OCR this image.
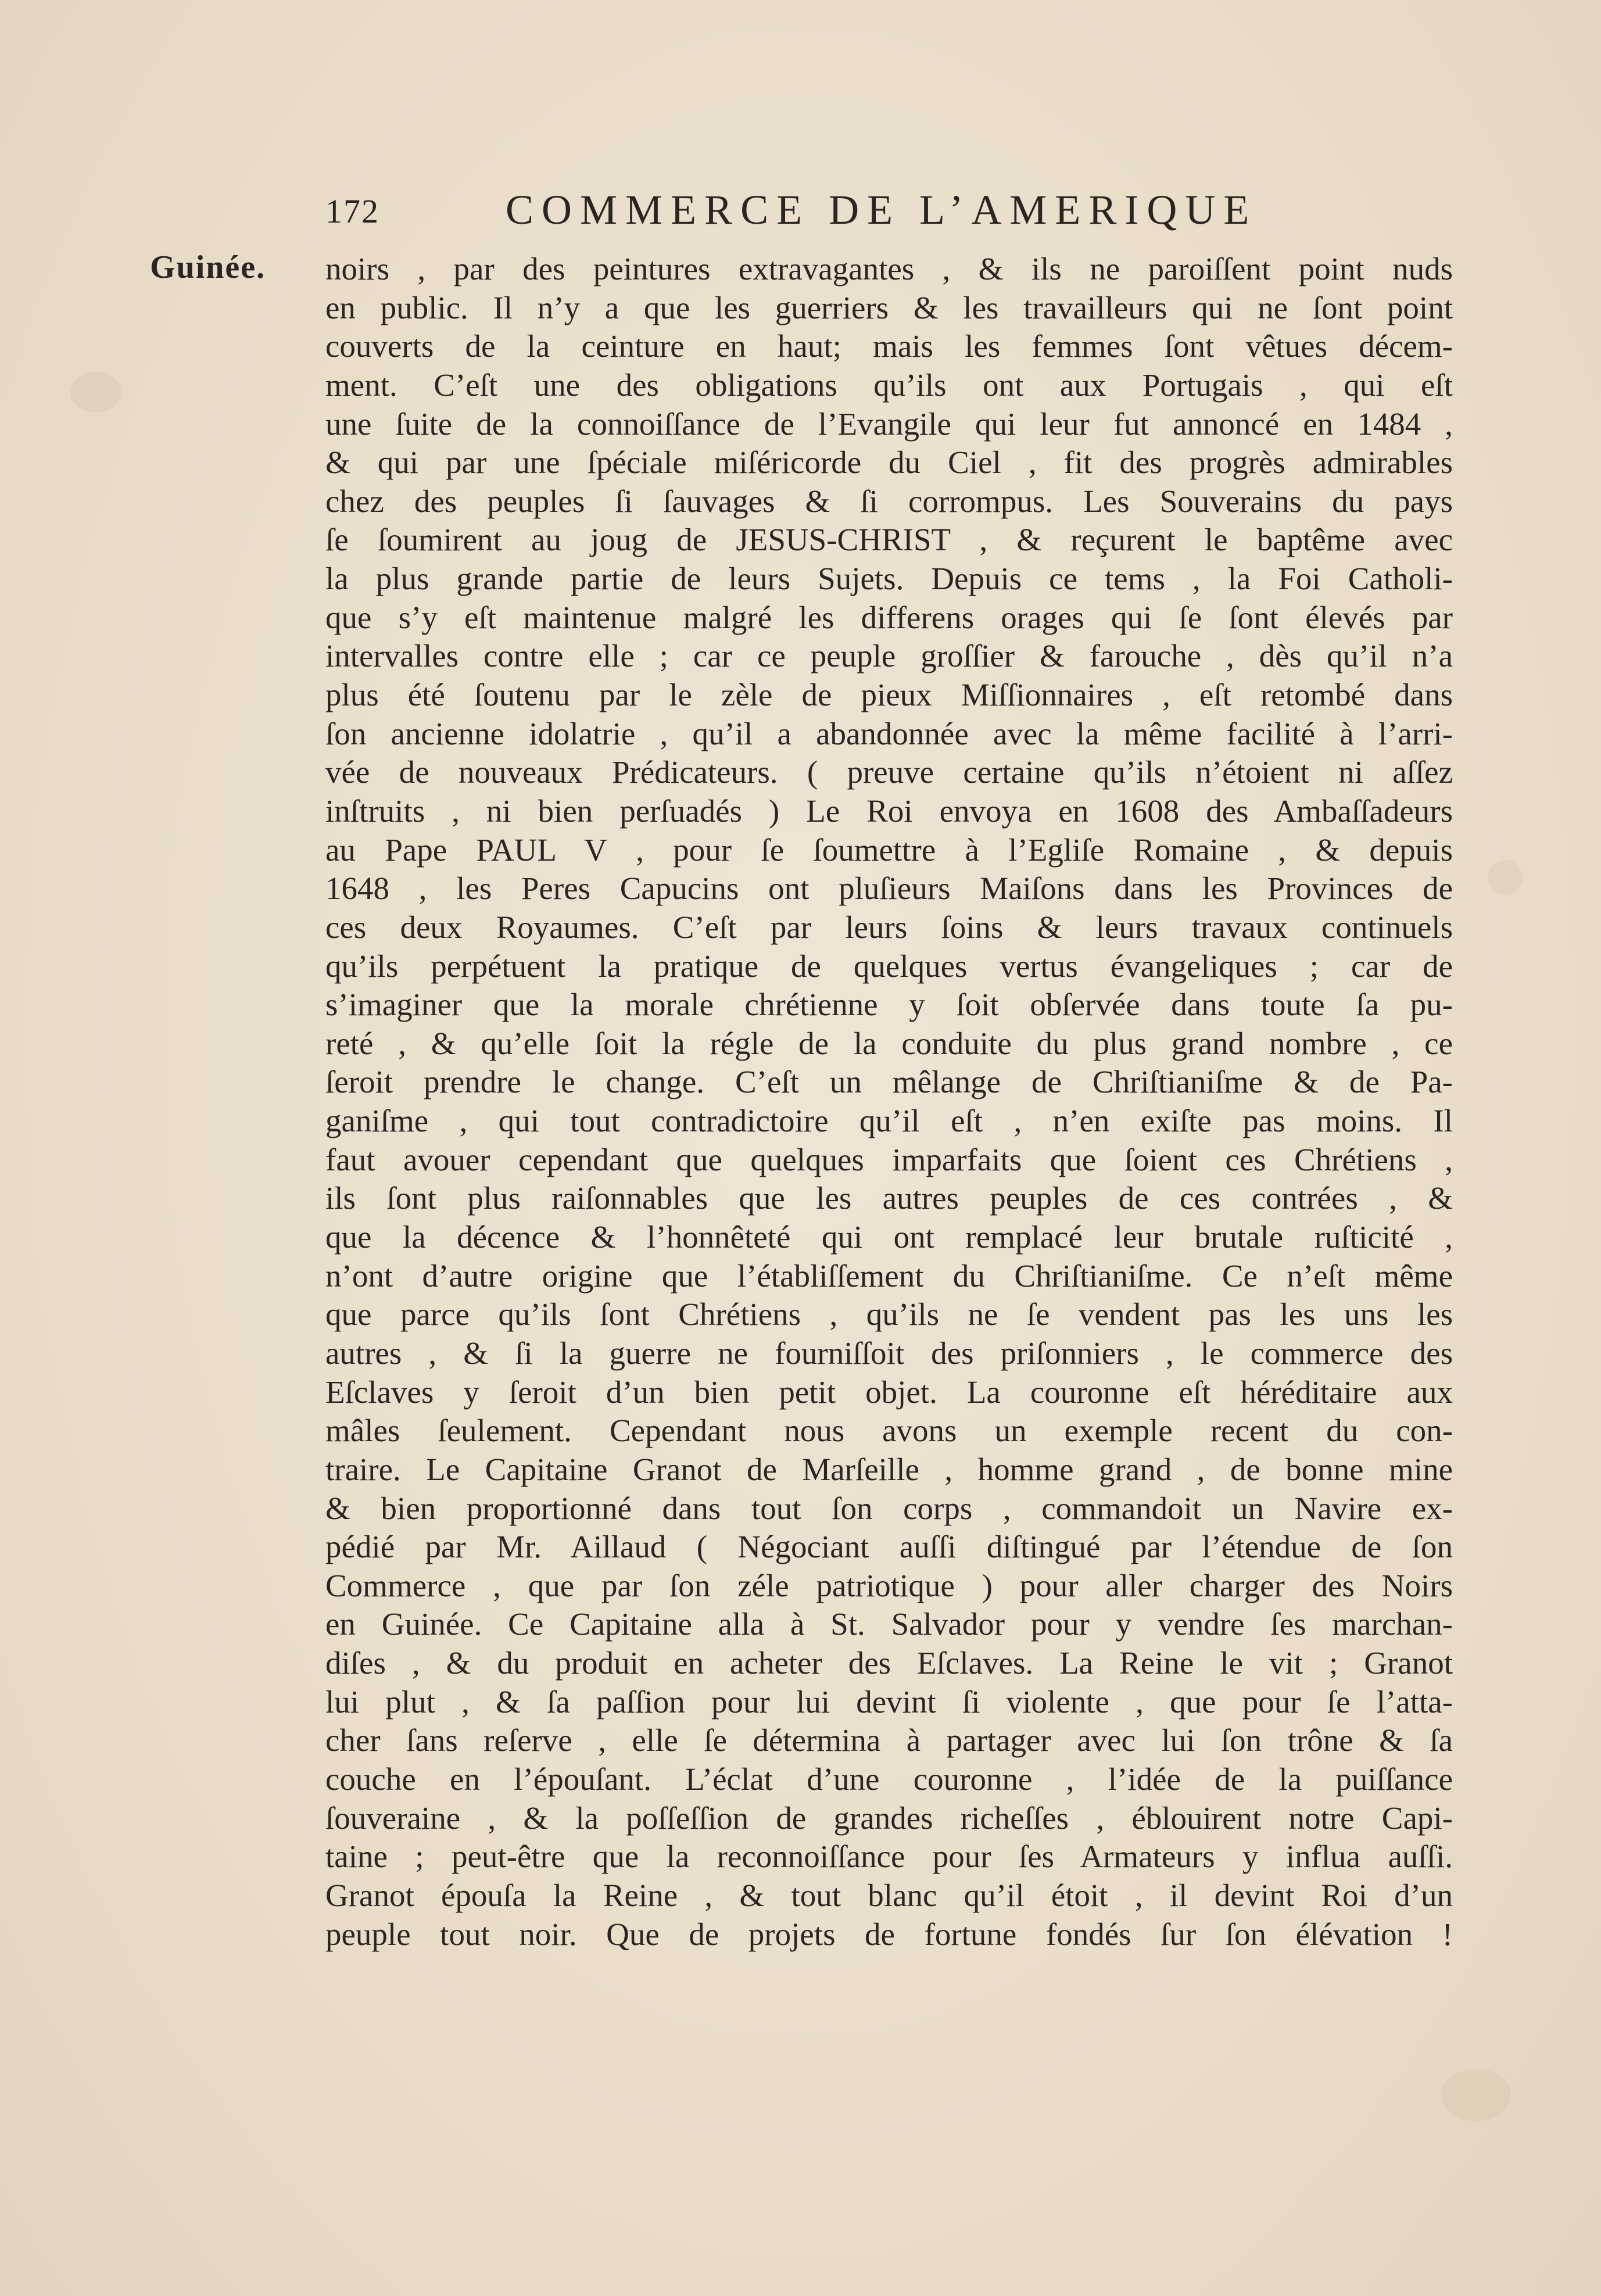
172	COMMERCE DE L’AMERIQUE
Guinée. noirs , par des peintures extravagantes , & ils ne paroiſſent point nuds
en public. Il n’y a que les guerriers & les travailleurs qui ne ſont point
couverts de la ceinture en haut; mais les femmes ſont vêtues décem-
ment. C’eſt une des obligations qu’ils ont aux Portugais , qui eſt
une ſuite de la connoiſſance de l’Evangile qui leur fut annoncé en 1484 ,
& qui par une ſpéciale miſéricorde du Ciel , fit des progrès admirables
chez des peuples ſi ſauvages & ſi corrompus. Les Souverains du pays
ſe ſoumirent au joug de JESUS-CHRIST , & reçurent le baptême avec
la plus grande partie de leurs Sujets. Depuis ce tems , la Foi Catholi-
que s’y eſt maintenue malgré les differens orages qui ſe ſont élevés par
intervalles contre elle ; car ce peuple groſſier & farouche , dès qu’il n’a
plus été ſoutenu par le zèle de pieux Miſſionnaires , eſt retombé dans
ſon ancienne idolatrie , qu’il a abandonnée avec la même facilité à l’arri-
vée de nouveaux Prédicateurs. ( preuve certaine qu’ils n’étoient ni aſſez
inſtruits , ni bien perſuadés ) Le Roi envoya en 1608 des Ambaſſadeurs
au Pape PAUL V , pour ſe ſoumettre à l’Egliſe Romaine , & depuis
1648 , les Peres Capucins ont pluſieurs Maiſons dans les Provinces de
ces deux Royaumes. C’eſt par leurs ſoins & leurs travaux continuels
qu’ils perpétuent la pratique de quelques vertus évangeliques ; car de
s’imaginer que la morale chrétienne y ſoit obſervée dans toute ſa pu-
reté , & qu’elle ſoit la régle de la conduite du plus grand nombre , ce
ſeroit prendre le change. C’eſt un mêlange de Chriſtianiſme & de Pa-
ganiſme , qui tout contradictoire qu’il eſt , n’en exiſte pas moins. Il
faut avouer cependant que quelques imparfaits que ſoient ces Chrétiens ,
ils ſont plus raiſonnables que les autres peuples de ces contrées , &
que la décence & l’honnêteté qui ont remplacé leur brutale ruſticité ,
n’ont d’autre origine que l’établiſſement du Chriſtianiſme. Ce n’eſt même
que parce qu’ils ſont Chrétiens , qu’ils ne ſe vendent pas les uns les
autres , & ſi la guerre ne fourniſſoit des priſonniers , le commerce des
Eſclaves y ſeroit d’un bien petit objet. La couronne eſt héréditaire aux
mâles ſeulement. Cependant nous avons un exemple recent du con-
traire. Le Capitaine Granot de Marſeille , homme grand , de bonne mine
& bien proportionné dans tout ſon corps , commandoit un Navire ex-
pédié par Mr. Aillaud ( Négociant auſſi diſtingué par l’étendue de ſon
Commerce , que par ſon zéle patriotique ) pour aller charger des Noirs
en Guinée. Ce Capitaine alla à St. Salvador pour y vendre ſes marchan-
diſes , & du produit en acheter des Eſclaves. La Reine le vit ; Granot
lui plut , & ſa paſſion pour lui devint ſi violente , que pour ſe l’atta-
cher ſans reſerve , elle ſe détermina à partager avec lui ſon trône & ſa
couche en l’épouſant. L’éclat d’une couronne , l’idée de la puiſſance
ſouveraine , & la poſſeſſion de grandes richeſſes , éblouirent notre Capi-
taine ; peut-être que la reconnoiſſance pour ſes Armateurs y influa auſſi.
Granot épouſa la Reine , & tout blanc qu’il étoit , il devint Roi d’un
peuple tout noir. Que de projets de fortune fondés ſur ſon élévation !
